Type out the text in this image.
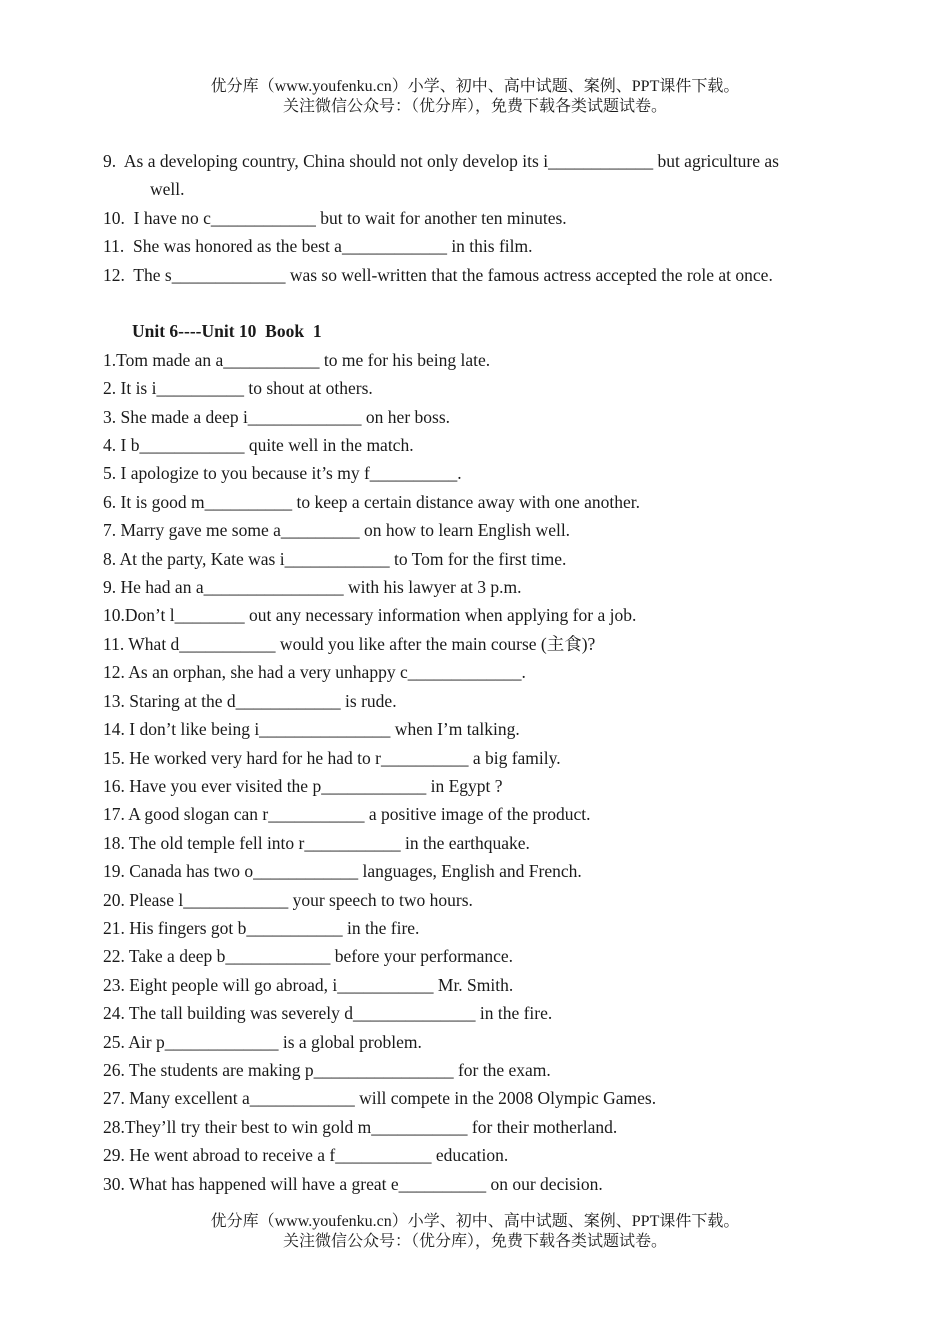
优分库（www.youfenku.cn）小学、初中、高中试题、案例、PPT课件下载。
关注微信公众号：（优分库），免费下载各类试题试卷。
9.  As a developing country, China should not only develop its i____________ but agriculture as
well.
10.  I have no c____________ but to wait for another ten minutes.
11.  She was honored as the best a____________ in this film.
12.  The s_____________ was so well-written that the famous actress accepted the role at once.
Unit 6----Unit 10  Book  1
1.Tom made an a___________ to me for his being late.
2. It is i__________ to shout at others.
3. She made a deep i_____________ on her boss.
4. I b____________ quite well in the match.
5. I apologize to you because it’s my f__________.
6. It is good m__________ to keep a certain distance away with one another.
7. Marry gave me some a_________ on how to learn English well.
8. At the party, Kate was i____________ to Tom for the first time.
9. He had an a________________ with his lawyer at 3 p.m.
10.Don’t l________ out any necessary information when applying for a job.
11. What d___________ would you like after the main course (主食)?
12. As an orphan, she had a very unhappy c_____________.
13. Staring at the d____________ is rude.
14. I don’t like being i_______________ when I’m talking.
15. He worked very hard for he had to r__________ a big family.
16. Have you ever visited the p____________ in Egypt ?
17. A good slogan can r___________ a positive image of the product.
18. The old temple fell into r___________ in the earthquake.
19. Canada has two o____________ languages, English and French.
20. Please l____________ your speech to two hours.
21. His fingers got b___________ in the fire.
22. Take a deep b____________ before your performance.
23. Eight people will go abroad, i___________ Mr. Smith.
24. The tall building was severely d______________ in the fire.
25. Air p_____________ is a global problem.
26. The students are making p________________ for the exam.
27. Many excellent a____________ will compete in the 2008 Olympic Games.
28.They’ll try their best to win gold m___________ for their motherland.
29. He went abroad to receive a f___________ education.
30. What has happened will have a great e__________ on our decision.
优分库（www.youfenku.cn）小学、初中、高中试题、案例、PPT课件下载。
关注微信公众号：（优分库），免费下载各类试题试卷。
